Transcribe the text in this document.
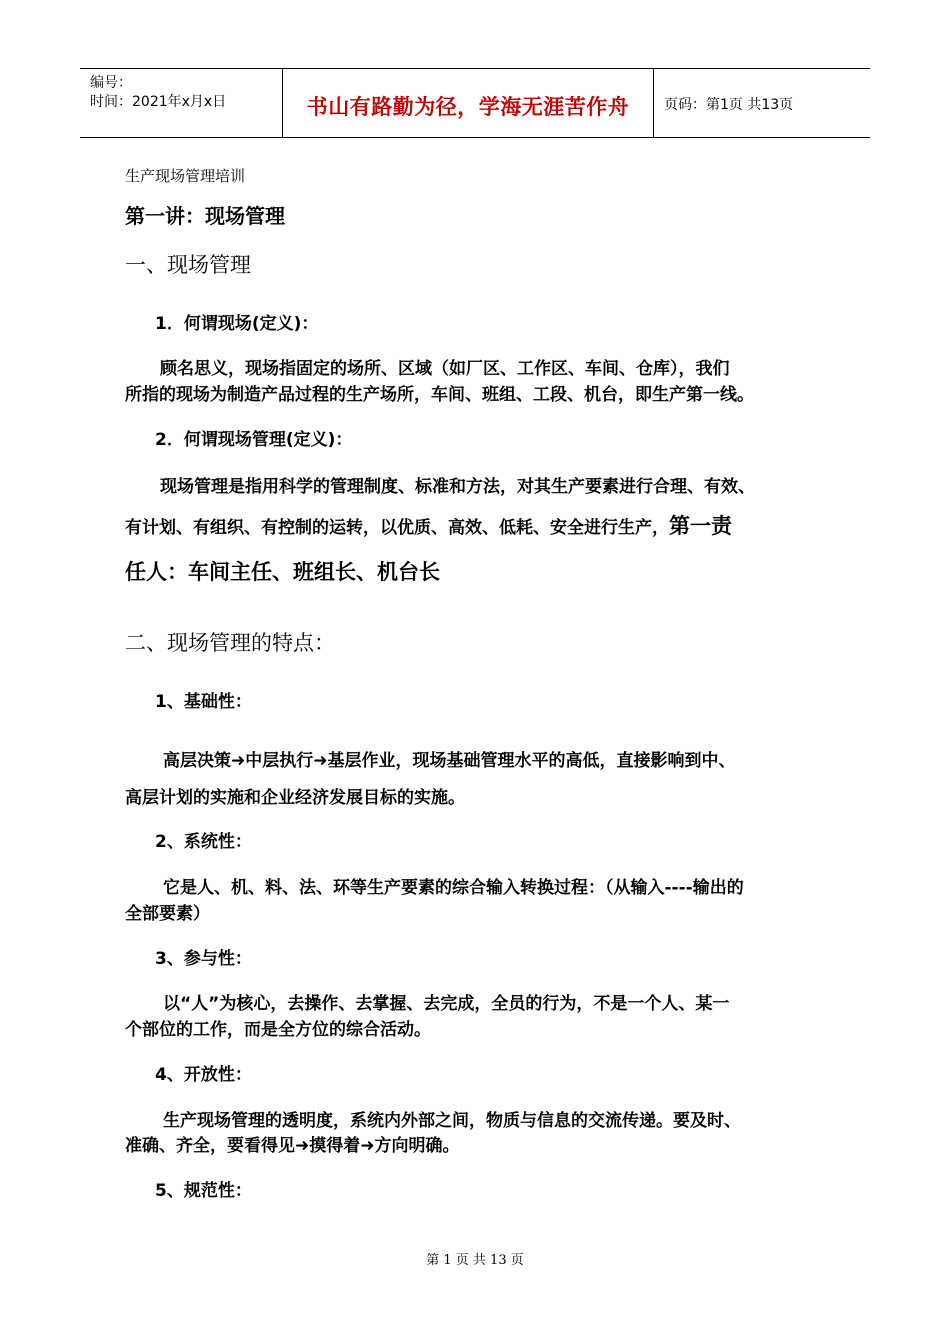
编号：
时间：2021年x月x日	书山有路勤为径，学海无涯苦作舟	页码：第1页 共13页
生产现场管理培训
第一讲：现场管理
一、现场管理
1．何谓现场(定义)：
顾名思义，现场指固定的场所、区域（如厂区、工作区、车间、仓库），我们
所指的现场为制造产品过程的生产场所，车间、班组、工段、机台，即生产第一线。
2．何谓现场管理(定义)：
现场管理是指用科学的管理制度、标准和方法，对其生产要素进行合理、有效、
有计划、有组织、有控制的运转，以优质、高效、低耗、安全进行生产，第一责
任人：车间主任、班组长、机台长
二、现场管理的特点：
1、基础性：
高层决策➜中层执行➜基层作业，现场基础管理水平的高低，直接影响到中、
高层计划的实施和企业经济发展目标的实施。
2、系统性：
它是人、机、料、法、环等生产要素的综合输入转换过程：（从输入----输出的
全部要素）
3、参与性：
以“人”为核心，去操作、去掌握、去完成，全员的行为，不是一个人、某一
个部位的工作，而是全方位的综合活动。
4、开放性：
生产现场管理的透明度，系统内外部之间，物质与信息的交流传递。要及时、
准确、齐全，要看得见➜摸得着➜方向明确。
5、规范性：
第 1 页 共 13 页
